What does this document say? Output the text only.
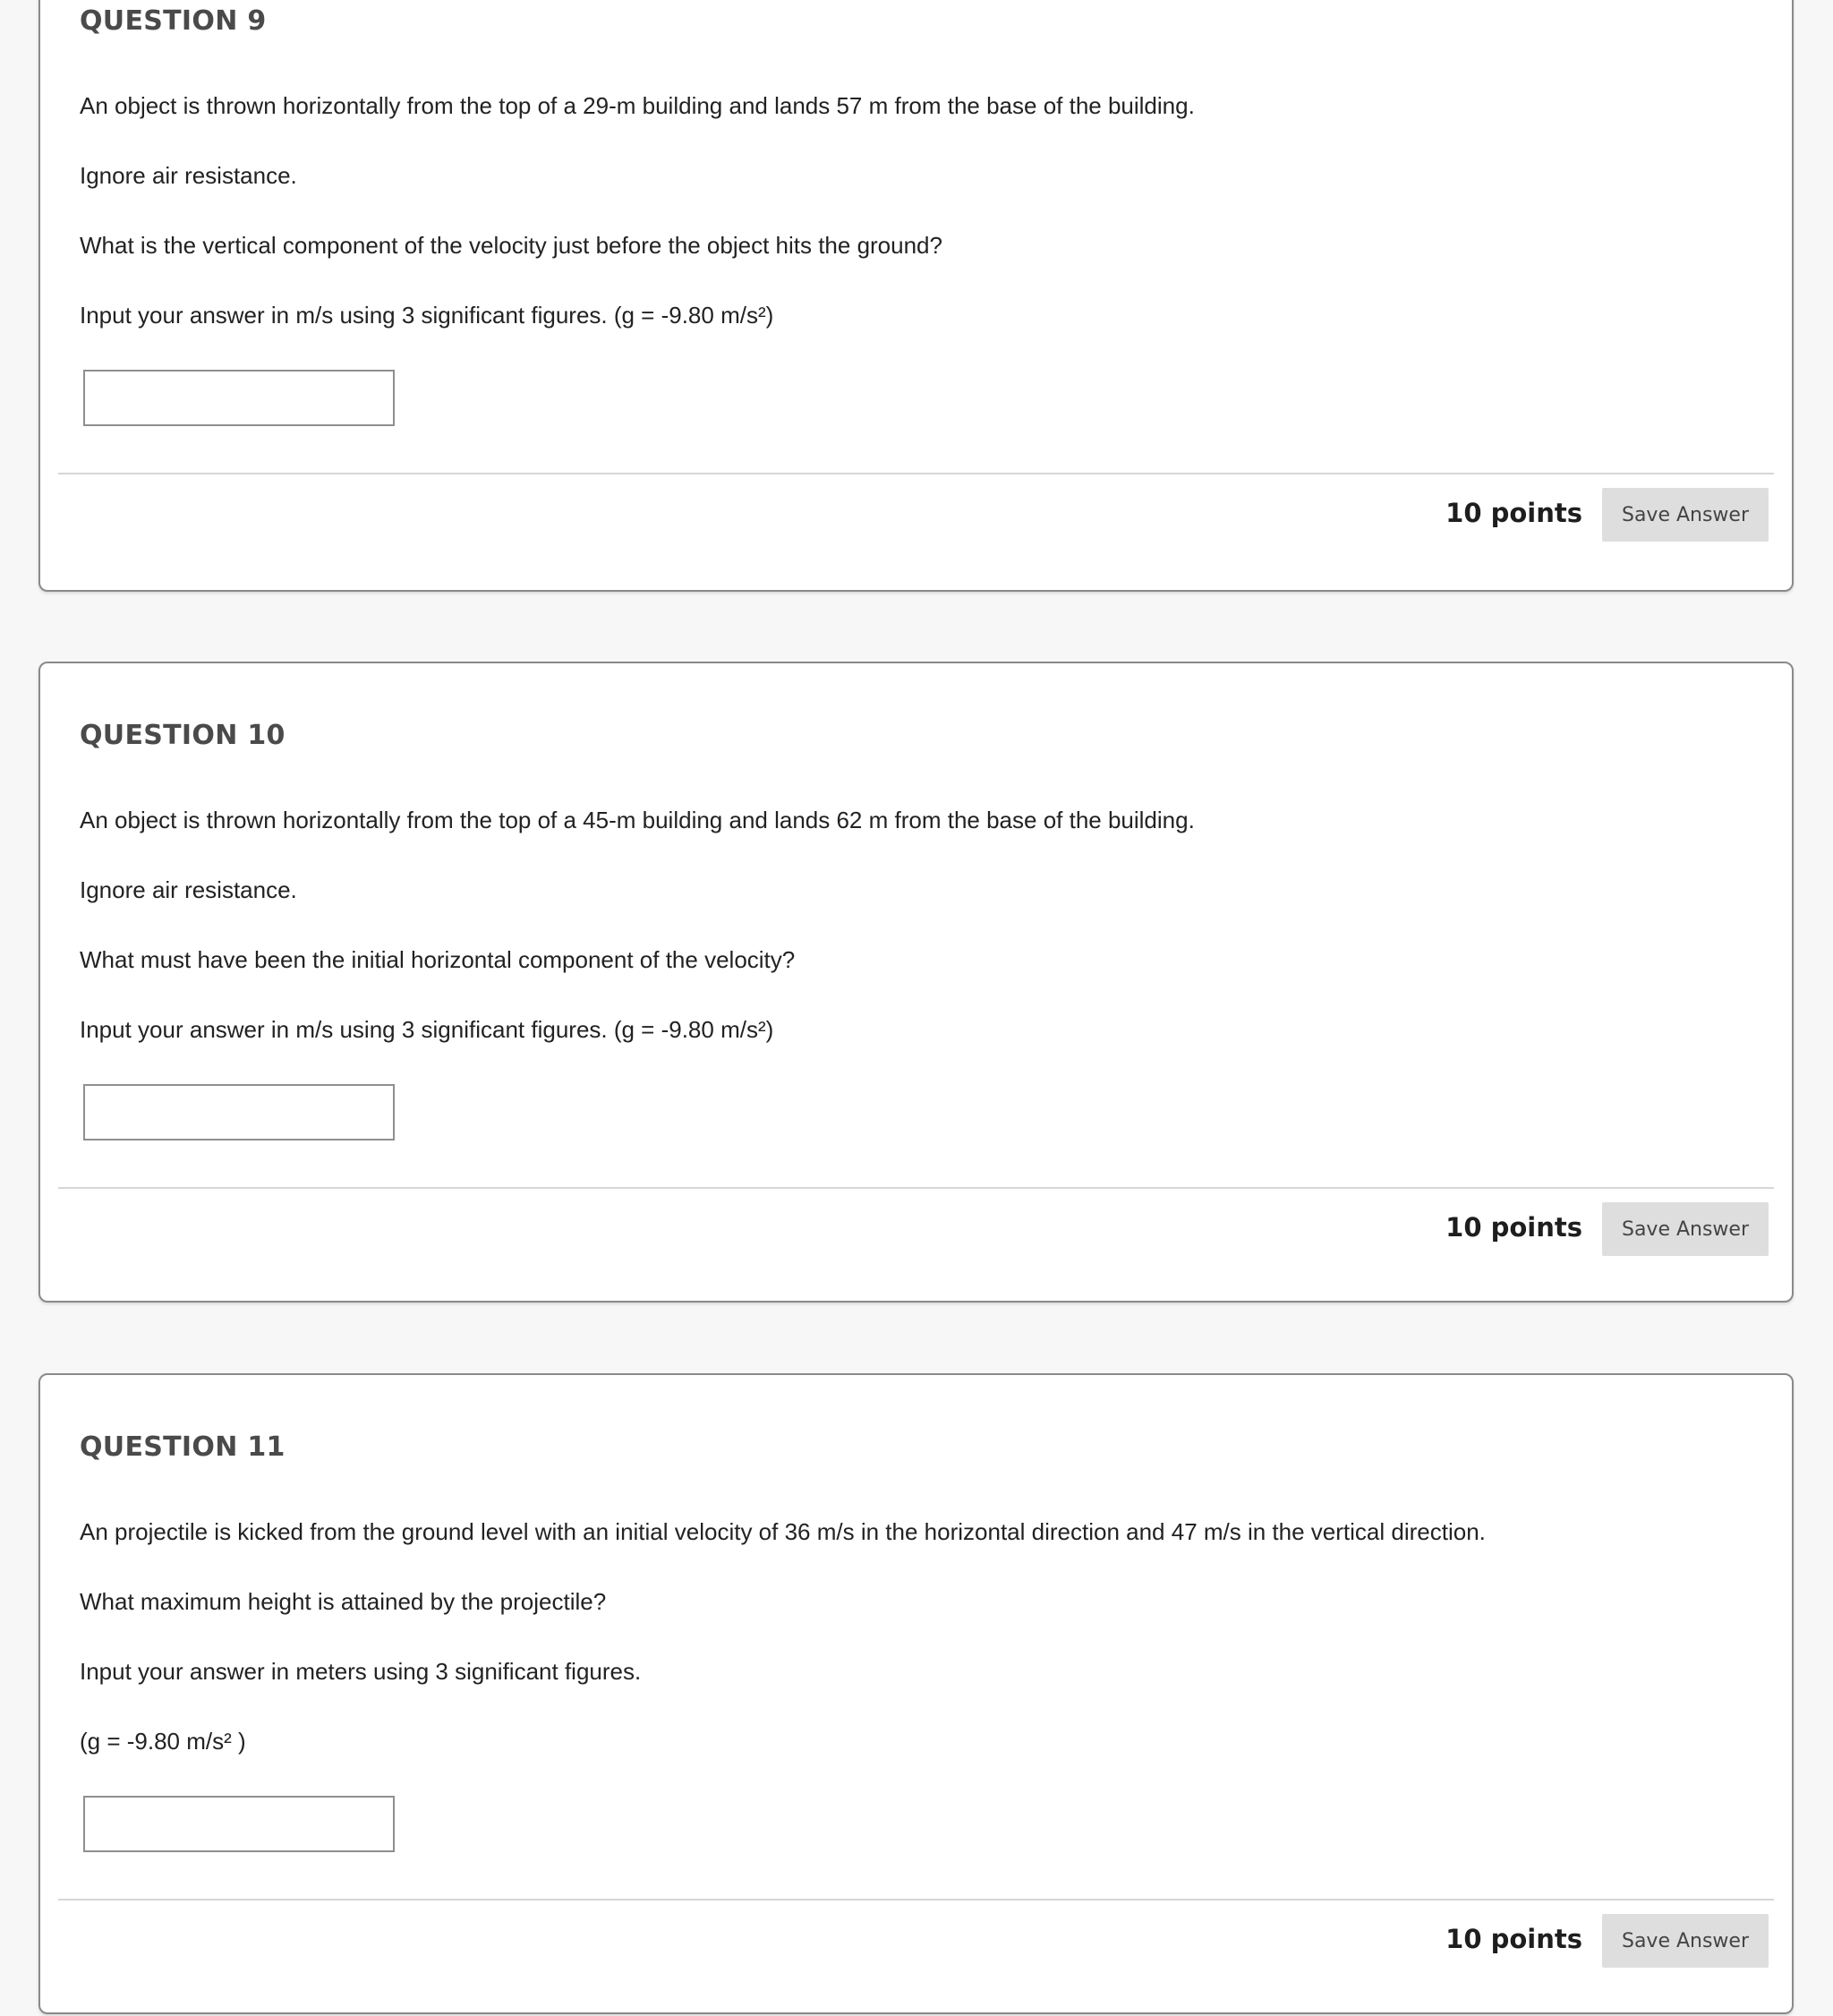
QUESTION 9

An object is thrown horizontally from the top of a 29-m building and lands 57 m from the base of the building.

Ignore air resistance.

What is the vertical component of the velocity just before the object hits the ground?

Input your answer in m/s using 3 significant figures. (g = -9.80 m/s²)

10 points	Save Answer
QUESTION 10

An object is thrown horizontally from the top of a 45-m building and lands 62 m from the base of the building.

Ignore air resistance.

What must have been the initial horizontal component of the velocity?

Input your answer in m/s using 3 significant figures. (g = -9.80 m/s²)

10 points	Save Answer
QUESTION 11

An projectile is kicked from the ground level with an initial velocity of 36 m/s in the horizontal direction and 47 m/s in the vertical direction.

What maximum height is attained by the projectile?

Input your answer in meters using 3 significant figures.

(g = -9.80 m/s² )

10 points	Save Answer
